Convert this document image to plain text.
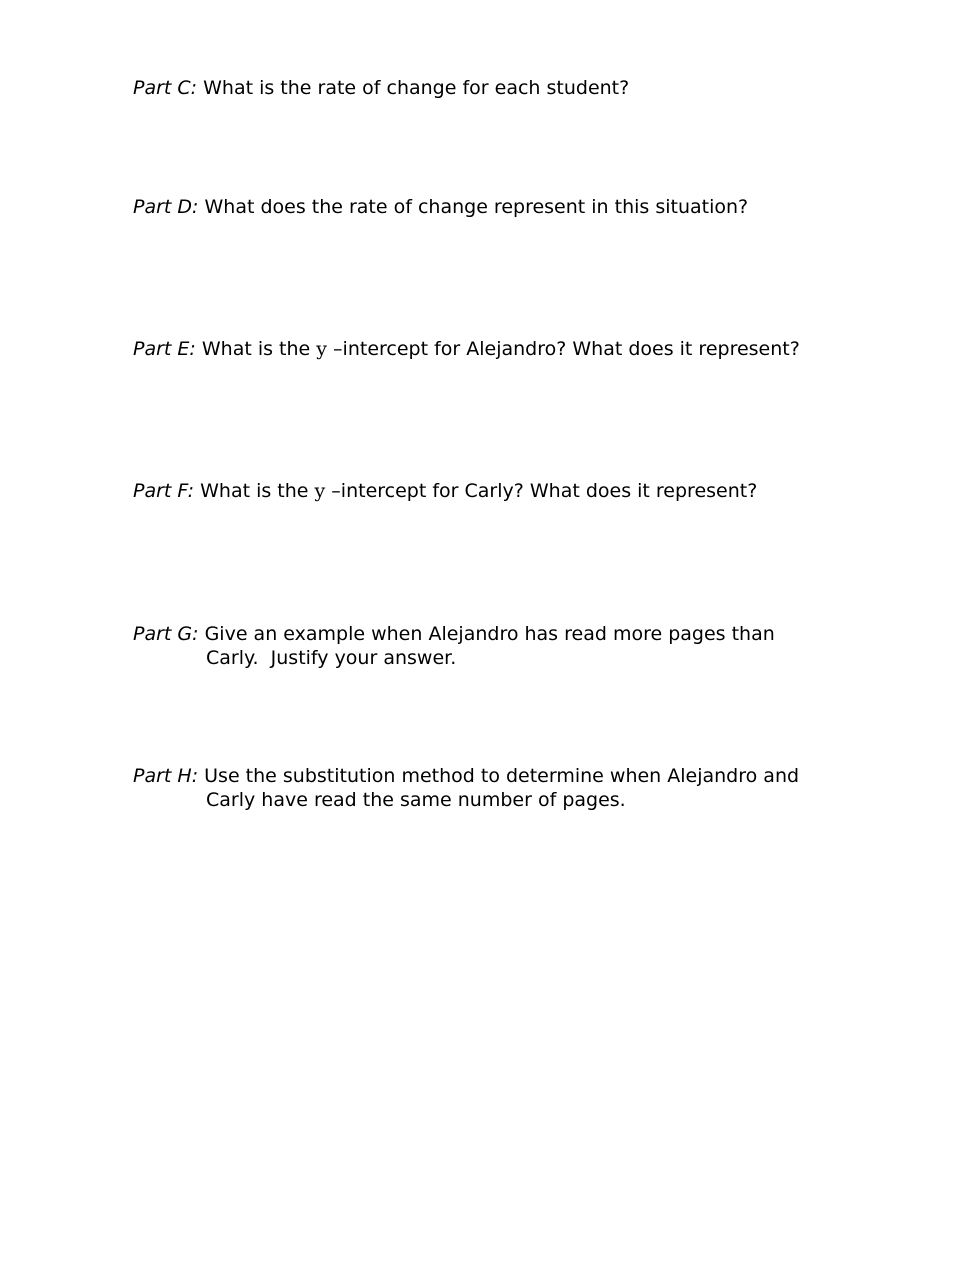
Part C: What is the rate of change for each student?
Part D: What does the rate of change represent in this situation?
Part E: What is the y –intercept for Alejandro? What does it represent?
Part F: What is the y –intercept for Carly? What does it represent?
Part G: Give an example when Alejandro has read more pages than
Carly.  Justify your answer.
Part H: Use the substitution method to determine when Alejandro and
Carly have read the same number of pages.
